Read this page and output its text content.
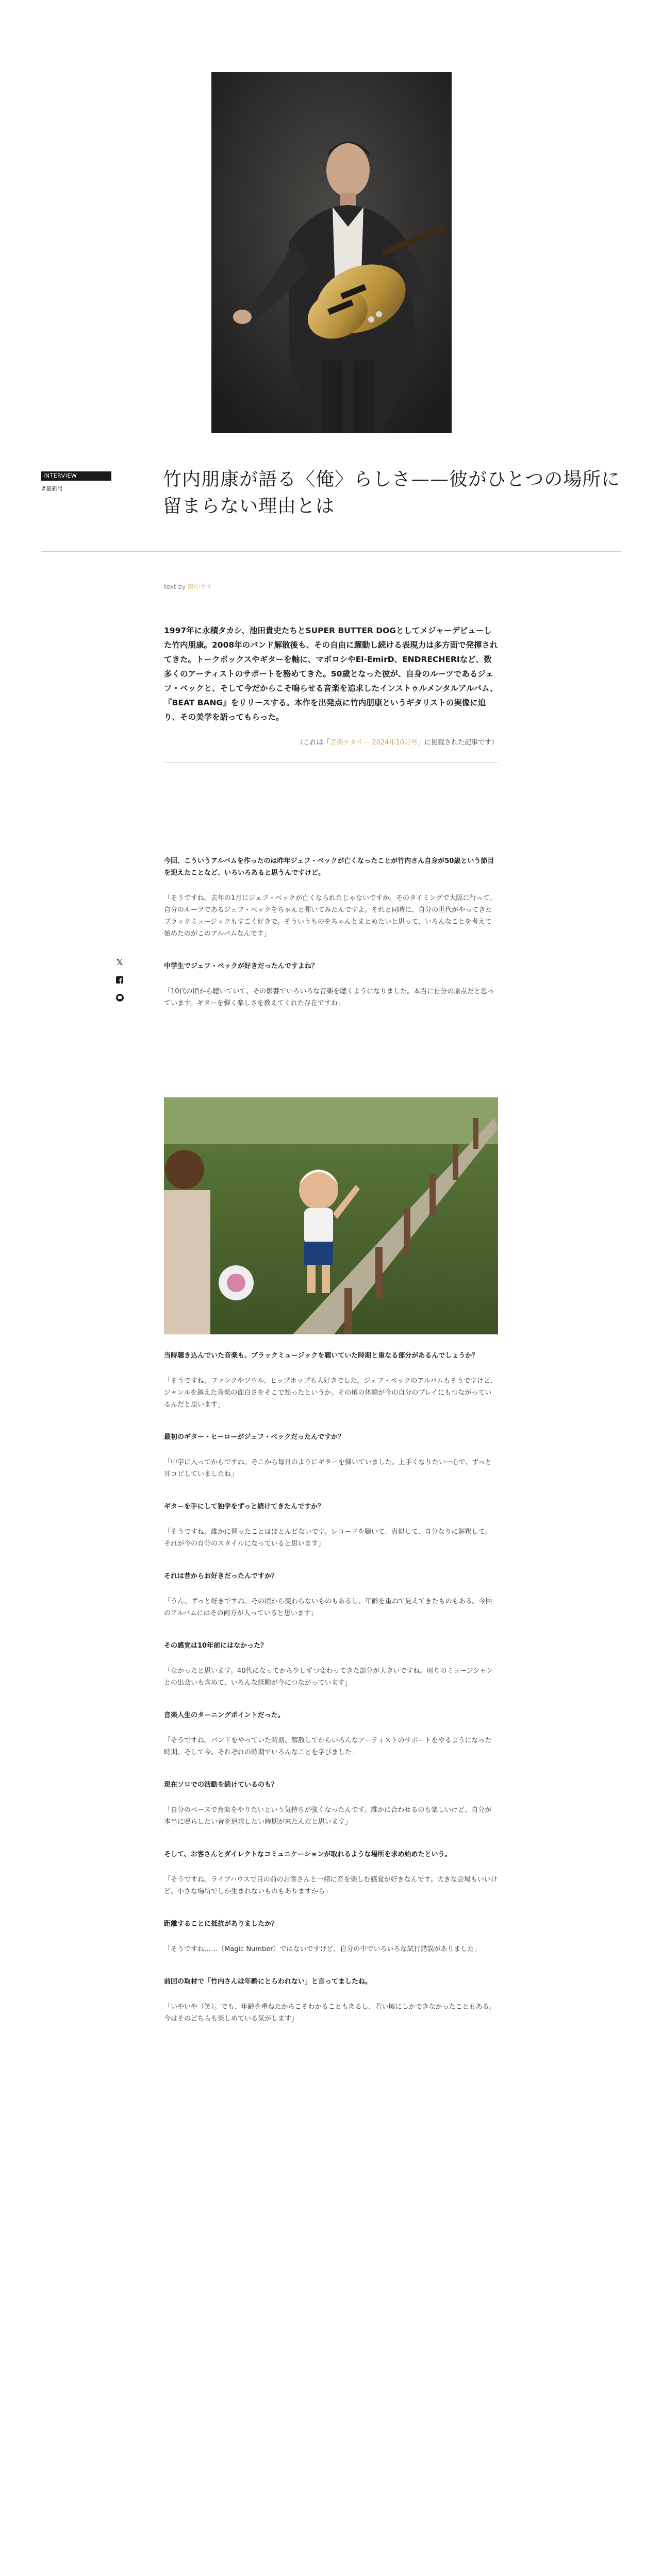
INTERVIEW
#最新号	竹内朋康が語る〈俺〉らしさ——彼がひとつの場所に留まらない理由とは
text by 田中ケイ
1997年に永積タカシ、池田貴史たちとSUPER BUTTER DOGとしてメジャーデビューした竹内朋康。2008年のバンド解散後も、その自由に躍動し続ける表現力は多方面で発揮されてきた。トークボックスやギターを軸に、マボロシやEl-EmirD、ENDRECHERIなど、数多くのアーティストのサポートを務めてきた。50歳となった彼が、自身のルーツであるジェフ・ベックと、そして今だからこそ鳴らせる音楽を追求したインストゥルメンタルアルバム、『BEAT BANG』をリリースする。本作を出発点に竹内朋康というギタリストの実像に迫り、その美学を語ってもらった。
（これは「音楽ナタリー 2024年10月号」に掲載された記事です）
𝕏

今回、こういうアルバムを作ったのは昨年ジェフ・ベックが亡くなったことが竹内さん自身が50歳という節目を迎えたことなど、いろいろあると思うんですけど。

「そうですね。去年の1月にジェフ・ベックが亡くなられたじゃないですか。そのタイミングで大阪に行って、自分のルーツであるジェフ・ベックをちゃんと弾いてみたんですよ。それと同時に、自分の世代がやってきたブラックミュージックもすごく好きで。そういうものをちゃんとまとめたいと思って、いろんなことを考えて始めたのがこのアルバムなんです」

中学生でジェフ・ベックが好きだったんですよね？

「10代の頃から聴いていて、その影響でいろいろな音楽を聴くようになりました。本当に自分の原点だと思っています。ギターを弾く楽しさを教えてくれた存在ですね」

当時聴き込んでいた音楽も、ブラックミュージックを聴いていた時期と重なる部分があるんでしょうか？

「そうですね。ファンクやソウル、ヒップホップも大好きでした。ジェフ・ベックのアルバムもそうですけど、ジャンルを越えた音楽の面白さをそこで知ったというか。その頃の体験が今の自分のプレイにもつながっているんだと思います」

最初のギター・ヒーローがジェフ・ベックだったんですか？

「中学に入ってからですね。そこから毎日のようにギターを弾いていました。上手くなりたい一心で、ずっと耳コピしていましたね」

ギターを手にして独学をずっと続けてきたんですか？

「そうですね。誰かに習ったことはほとんどないです。レコードを聴いて、真似して、自分なりに解釈して。それが今の自分のスタイルになっていると思います」

それは昔からお好きだったんですか？

「うん、ずっと好きですね。その頃から変わらないものもあるし、年齢を重ねて見えてきたものもある。今回のアルバムにはその両方が入っていると思います」

その感覚は10年前にはなかった？

「なかったと思います。40代になってから少しずつ変わってきた部分が大きいですね。周りのミュージシャンとの出会いも含めて、いろんな経験が今につながっています」

音楽人生のターニングポイントだった。

「そうですね。バンドをやっていた時期、解散してからいろんなアーティストのサポートをやるようになった時期、そして今。それぞれの時期でいろんなことを学びました」

現在ソロでの活動を続けているのも？

「自分のペースで音楽をやりたいという気持ちが強くなったんです。誰かに合わせるのも楽しいけど、自分が本当に鳴らしたい音を追求したい時期が来たんだと思います」

そして、お客さんとダイレクトなコミュニケーションが取れるような場所を求め始めたという。

「そうですね。ライブハウスで目の前のお客さんと一緒に音を楽しむ感覚が好きなんです。大きな会場もいいけど、小さな場所でしか生まれないものもありますから」

距離することに抵抗がありましたか？

「そうですね……（Magic Number）ではないですけど、自分の中でいろいろな試行錯誤がありました」

前回の取材で「竹内さんは年齢にとらわれない」と言ってましたね。

「いやいや（笑）。でも、年齢を重ねたからこそわかることもあるし、若い頃にしかできなかったこともある。今はそのどちらも楽しめている気がします」
